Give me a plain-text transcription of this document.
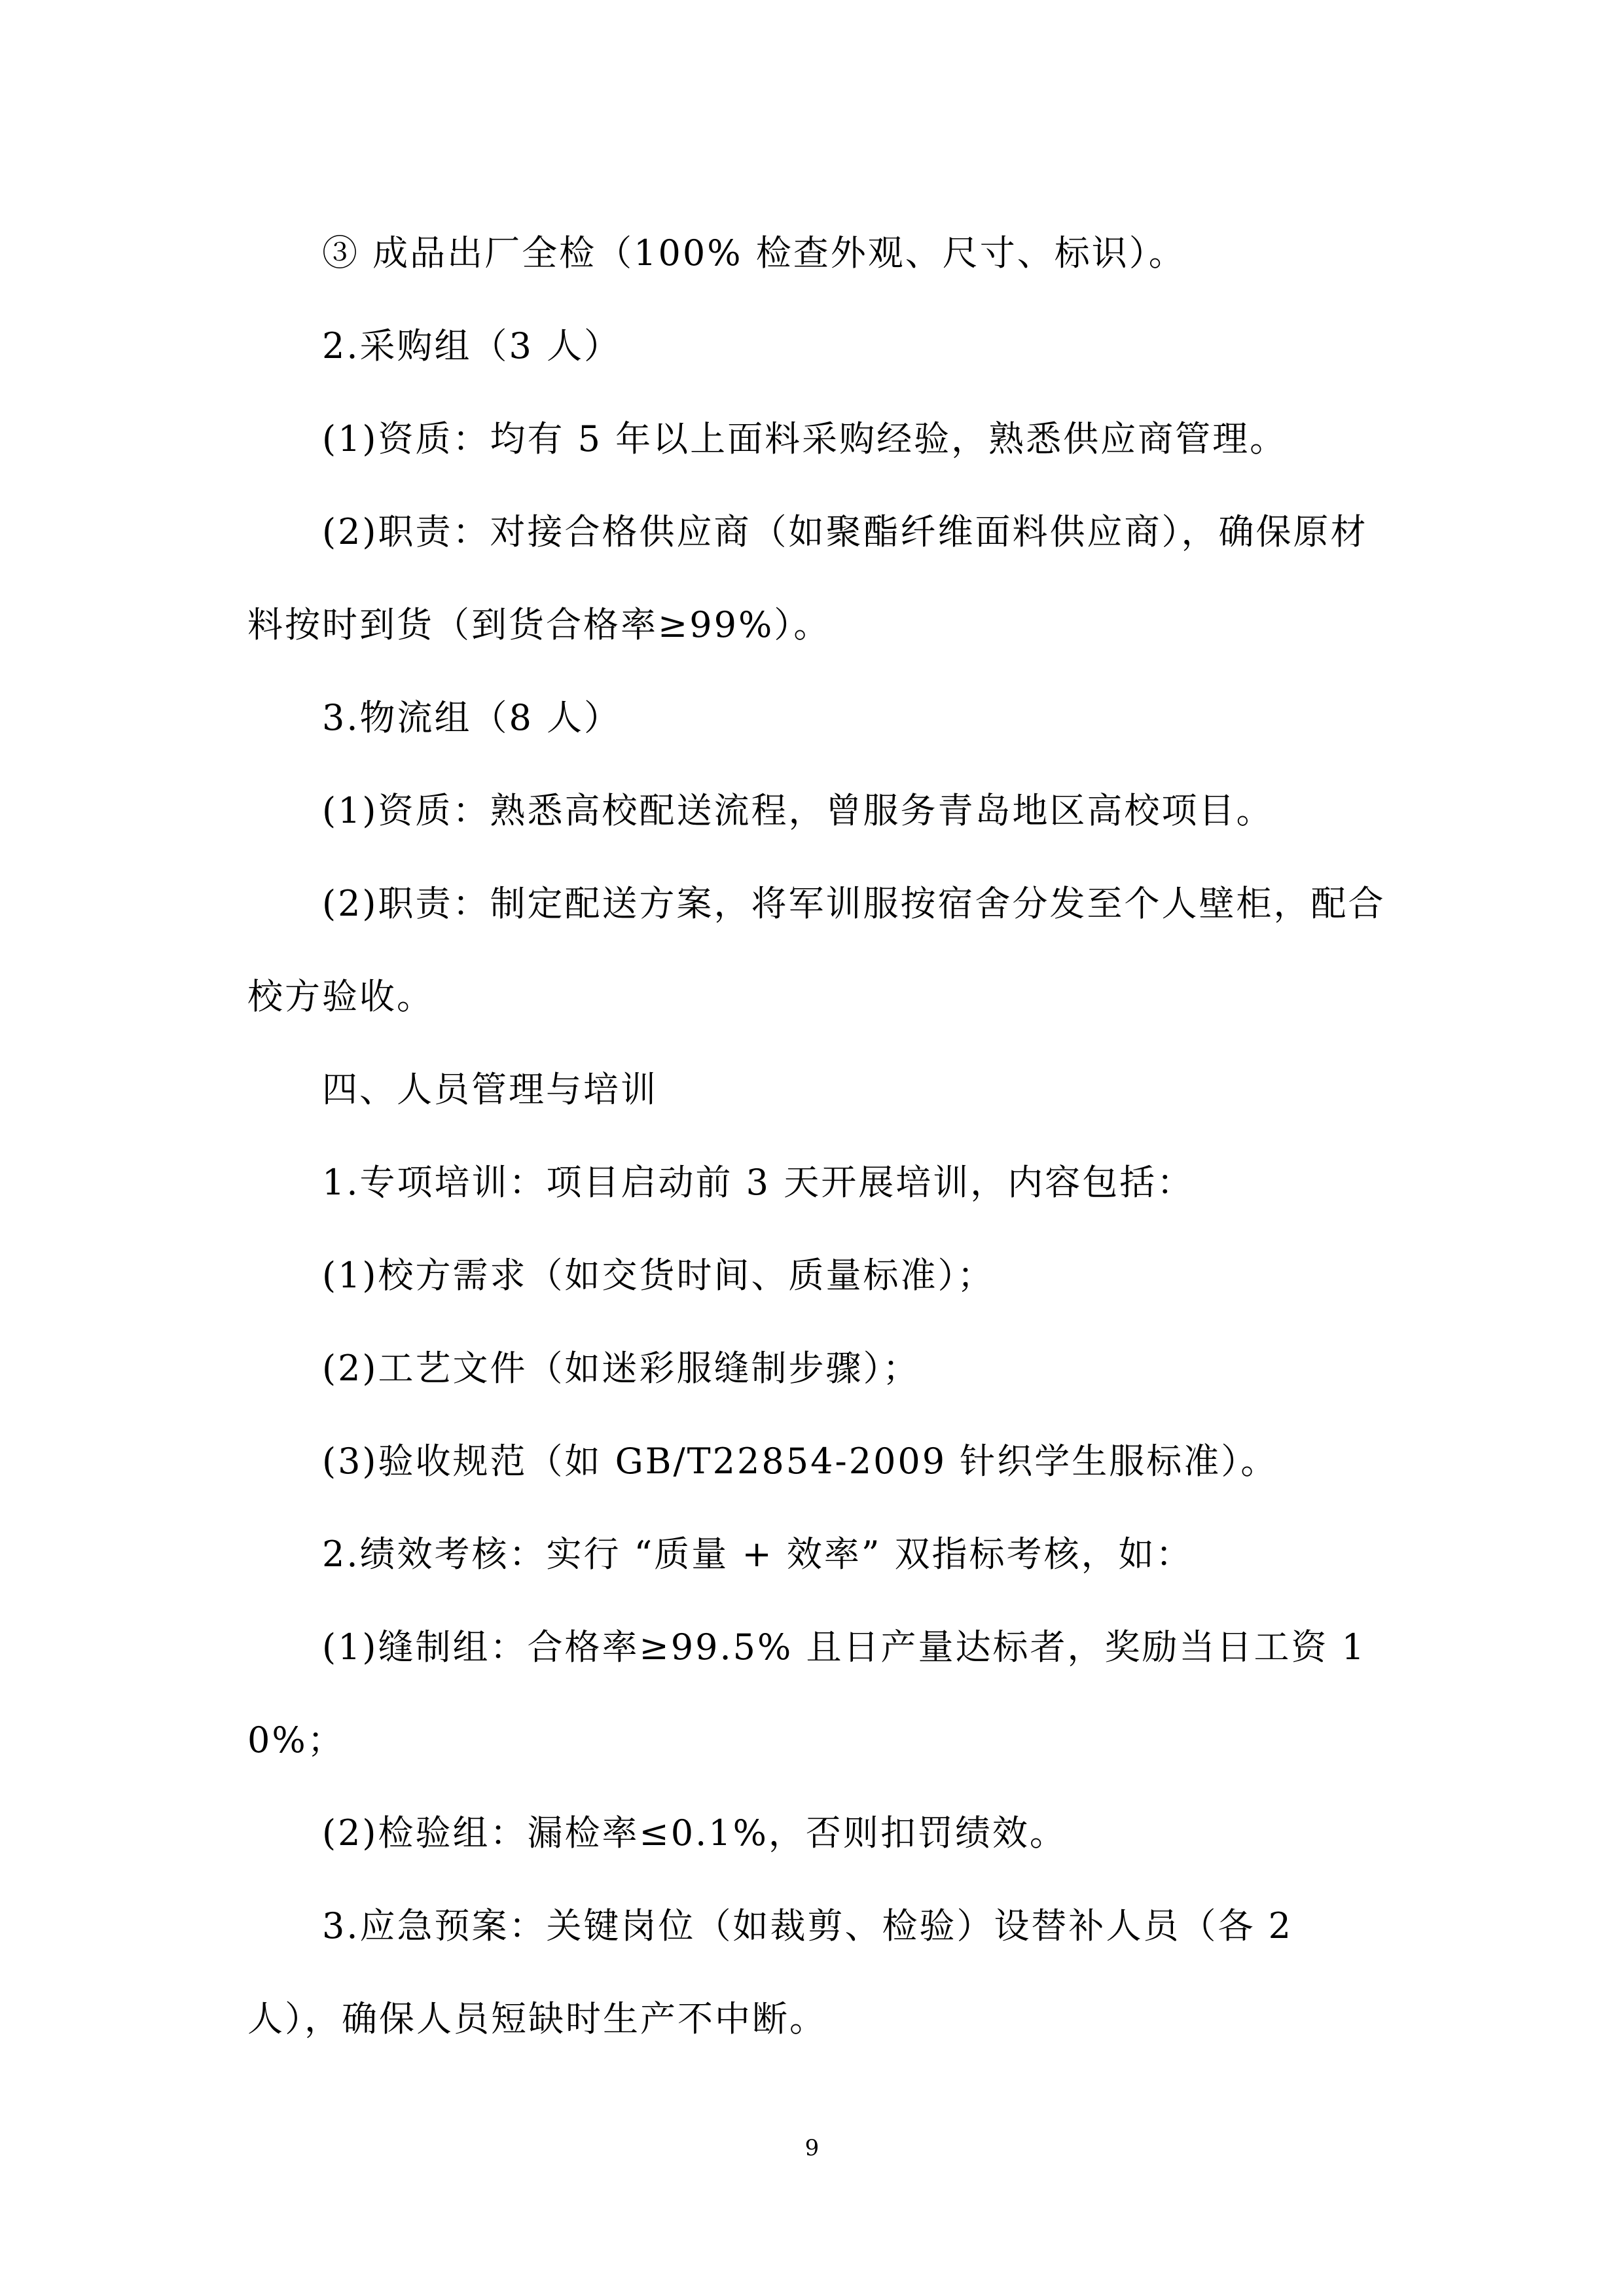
③ 成品出厂全检（100% 检查外观、尺寸、标识）。

2.采购组（3 人）

(1)资质：均有 5 年以上面料采购经验，熟悉供应商管理。

(2)职责：对接合格供应商（如聚酯纤维面料供应商），确保原材料按时到货（到货合格率≥99%）。

3.物流组（8 人）

(1)资质：熟悉高校配送流程，曾服务青岛地区高校项目。

(2)职责：制定配送方案，将军训服按宿舍分发至个人壁柜，配合校方验收。

四、人员管理与培训

1.专项培训：项目启动前 3 天开展培训，内容包括：

(1)校方需求（如交货时间、质量标准）；

(2)工艺文件（如迷彩服缝制步骤）；

(3)验收规范（如 GB/T22854-2009 针织学生服标准）。

2.绩效考核：实行 “质量 + 效率” 双指标考核，如：

(1)缝制组：合格率≥99.5% 且日产量达标者，奖励当日工资 10%；

(2)检验组：漏检率≤0.1%，否则扣罚绩效。

3.应急预案：关键岗位（如裁剪、检验）设替补人员（各 2 人），确保人员短缺时生产不中断。

9
